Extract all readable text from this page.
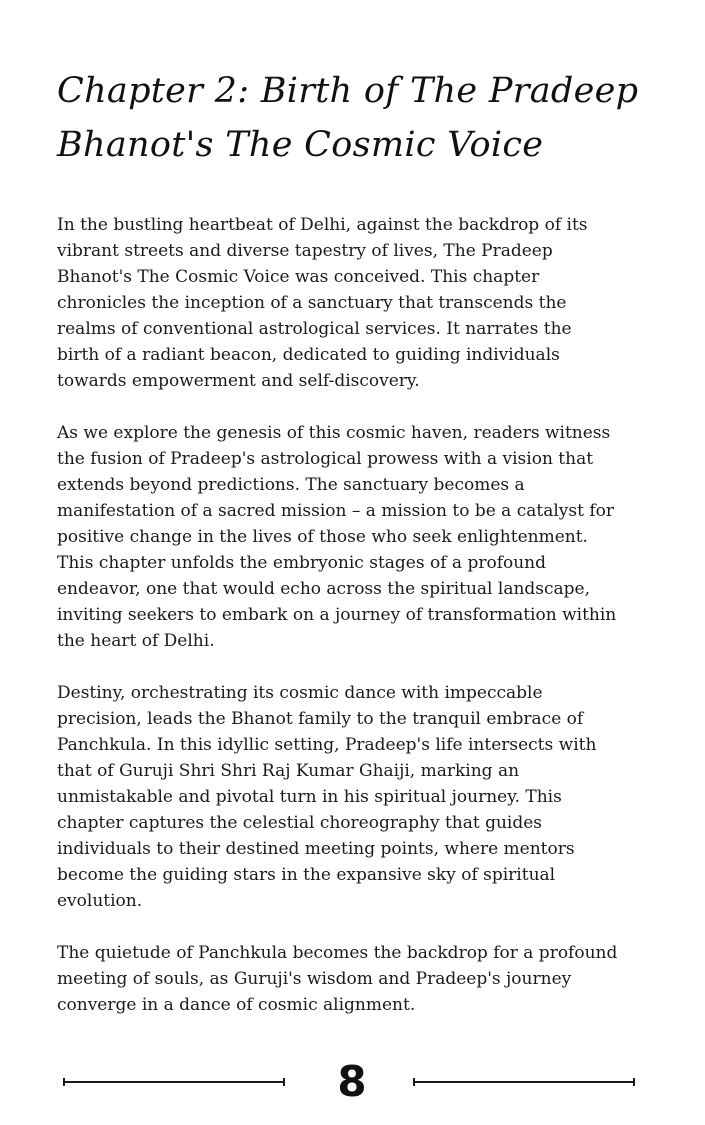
Chapter 2: Birth of The Pradeep
Bhanot's The Cosmic Voice

In the bustling heartbeat of Delhi, against the backdrop of its
vibrant streets and diverse tapestry of lives, The Pradeep
Bhanot's The Cosmic Voice was conceived. This chapter
chronicles the inception of a sanctuary that transcends the
realms of conventional astrological services. It narrates the
birth of a radiant beacon, dedicated to guiding individuals
towards empowerment and self-discovery.

As we explore the genesis of this cosmic haven, readers witness
the fusion of Pradeep's astrological prowess with a vision that
extends beyond predictions. The sanctuary becomes a
manifestation of a sacred mission – a mission to be a catalyst for
positive change in the lives of those who seek enlightenment.
This chapter unfolds the embryonic stages of a profound
endeavor, one that would echo across the spiritual landscape,
inviting seekers to embark on a journey of transformation within
the heart of Delhi.

Destiny, orchestrating its cosmic dance with impeccable
precision, leads the Bhanot family to the tranquil embrace of
Panchkula. In this idyllic setting, Pradeep's life intersects with
that of Guruji Shri Shri Raj Kumar Ghaiji, marking an
unmistakable and pivotal turn in his spiritual journey. This
chapter captures the celestial choreography that guides
individuals to their destined meeting points, where mentors
become the guiding stars in the expansive sky of spiritual
evolution.

The quietude of Panchkula becomes the backdrop for a profound
meeting of souls, as Guruji's wisdom and Pradeep's journey
converge in a dance of cosmic alignment.

8
